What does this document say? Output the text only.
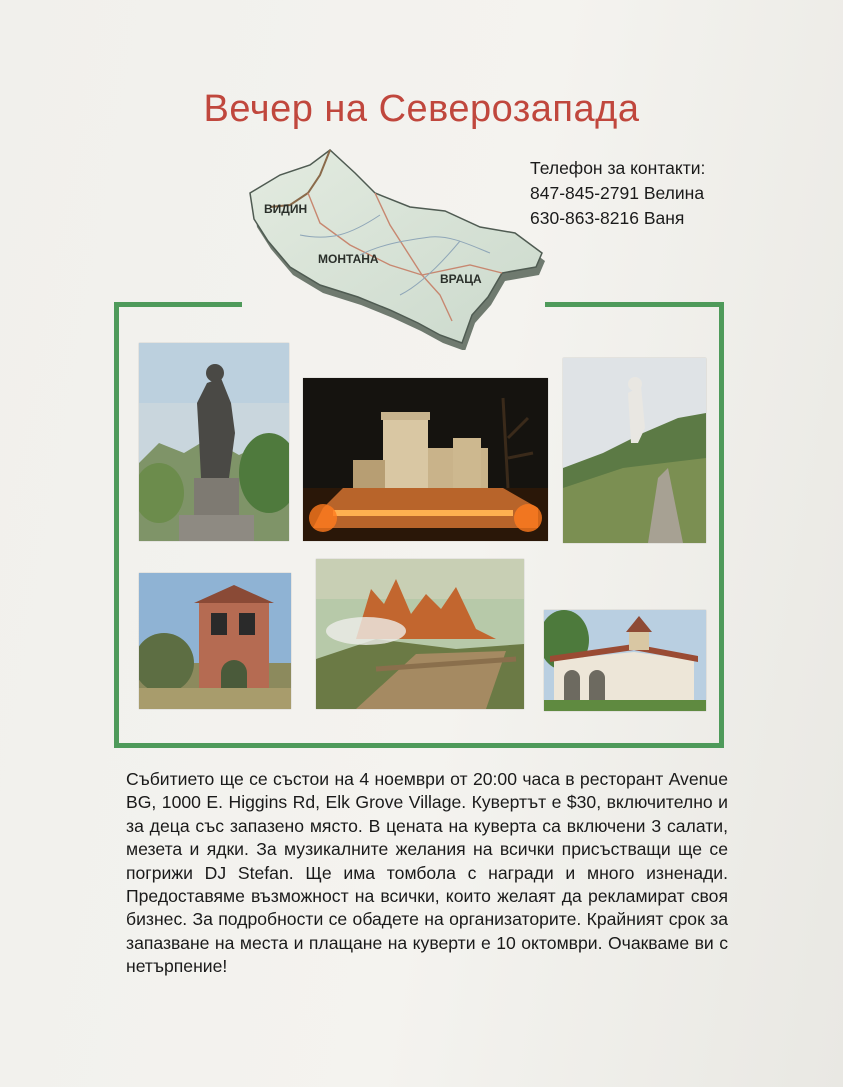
Вечер на Северозапада
Телефон за контакти:
847-845-2791 Велина
630-863-8216 Ваня
ВИДИН
МОНТАНА
ВРАЦА
Събитието ще се състои на 4 ноември от 20:00 часа в ресторант Avenue BG, 1000 E. Higgins Rd, Elk Grove Village. Кувертът е $30, включително и за деца със запазено място. В цената на куверта са включени 3 салати, мезета и ядки. За музикалните желания на всички присъстващи ще се погрижи DJ Stefan. Ще има томбола с награди и много изненади. Предоставяме възможност на всички, които желаят да рекламират своя бизнес. За подробности се обадете на организаторите. Крайният срок за запазване на места и плащане на куверти е 10 октомври. Очакваме ви с нетърпение!
